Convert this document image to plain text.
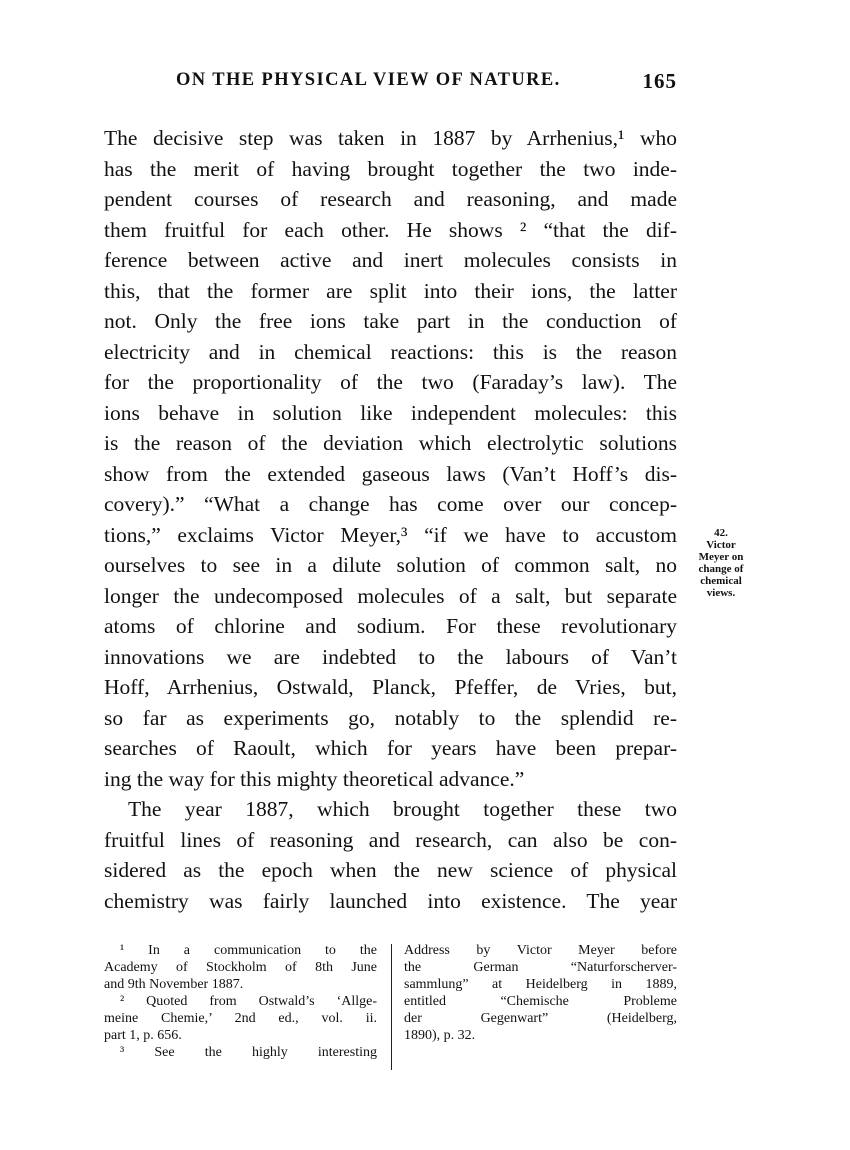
ON THE PHYSICAL VIEW OF NATURE.	165
The decisive step was taken in 1887 by Arrhenius,¹ who
has the merit of having brought together the two inde-
pendent courses of research and reasoning, and made
them fruitful for each other. He shows ² “that the dif-
ference between active and inert molecules consists in
this, that the former are split into their ions, the latter
not. Only the free ions take part in the conduction of
electricity and in chemical reactions: this is the reason
for the proportionality of the two (Faraday’s law). The
ions behave in solution like independent molecules: this
is the reason of the deviation which electrolytic solutions
show from the extended gaseous laws (Van’t Hoff’s dis-
covery).” “What a change has come over our concep-
tions,” exclaims Victor Meyer,³ “if we have to accustom
ourselves to see in a dilute solution of common salt, no
longer the undecomposed molecules of a salt, but separate
atoms of chlorine and sodium. For these revolutionary
innovations we are indebted to the labours of Van’t
Hoff, Arrhenius, Ostwald, Planck, Pfeffer, de Vries, but,
so far as experiments go, notably to the splendid re-
searches of Raoult, which for years have been prepar-
ing the way for this mighty theoretical advance.”
The year 1887, which brought together these two
fruitful lines of reasoning and research, can also be con-
sidered as the epoch when the new science of physical
chemistry was fairly launched into existence. The year
42.
Victor
Meyer on
change of
chemical
views.
¹ In a communication to the
Academy of Stockholm of 8th June
and 9th November 1887.
² Quoted from Ostwald’s ‘Allge-
meine Chemie,’ 2nd ed., vol. ii.
part 1, p. 656.
³ See the highly interesting
Address by Victor Meyer before
the German “Naturforscherver-
sammlung” at Heidelberg in 1889,
entitled “Chemische Probleme
der Gegenwart” (Heidelberg,
1890), p. 32.
